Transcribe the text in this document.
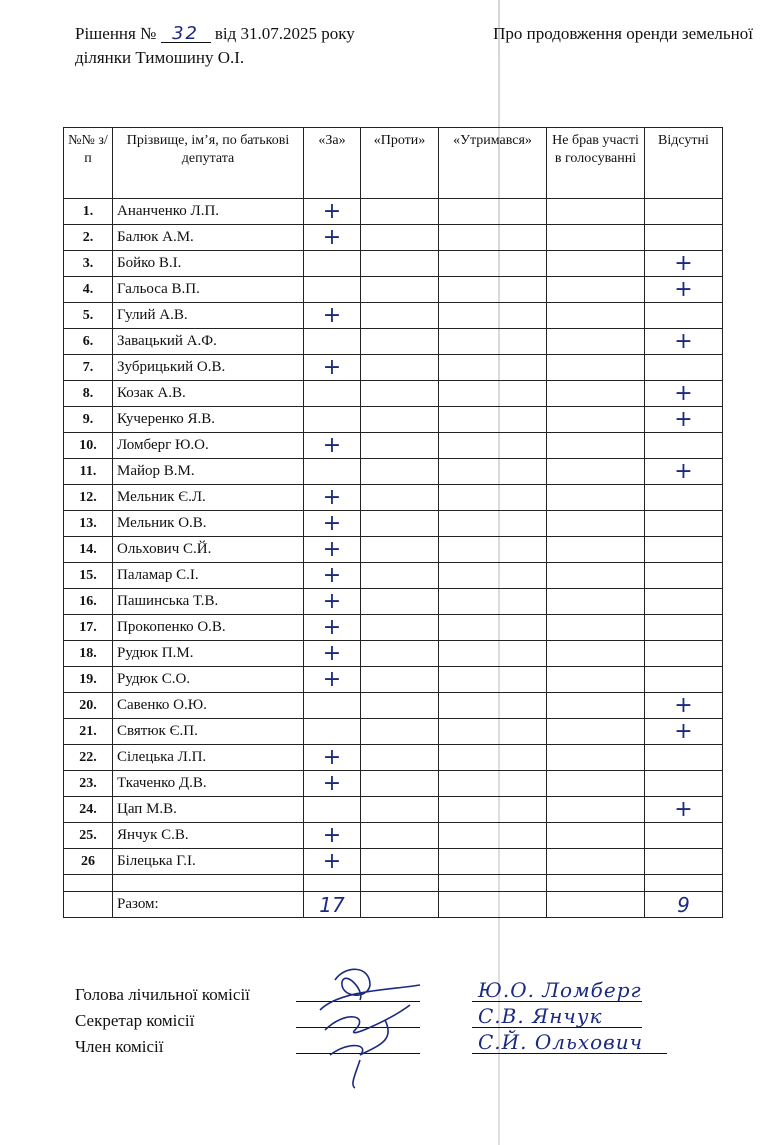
Рішення № 32 від 31.07.2025 року	Про продовження оренди земельної
ділянки Тимошину О.І.
№№ з/п	Прізвище, ім’я, по батькові депутата	«За»	«Проти»	«Утримався»	Не брав участі в голосуванні	Відсутні
1.	Ананченко Л.П.	+				
2.	Балюк А.М.	+				
3.	Бойко В.І.					+
4.	Гальоса В.П.					+
5.	Гулий А.В.	+				
6.	Завацький А.Ф.					+
7.	Зубрицький О.В.	+				
8.	Козак А.В.					+
9.	Кучеренко Я.В.					+
10.	Ломберг Ю.О.	+				
11.	Майор В.М.					+
12.	Мельник Є.Л.	+				
13.	Мельник О.В.	+				
14.	Ольхович С.Й.	+				
15.	Паламар С.І.	+				
16.	Пашинська Т.В.	+				
17.	Прокопенко О.В.	+				
18.	Рудюк П.М.	+				
19.	Рудюк С.О.	+				
20.	Савенко О.Ю.					+
21.	Святюк Є.П.					+
22.	Сілецька Л.П.	+				
23.	Ткаченко Д.В.	+				
24.	Цап М.В.					+
25.	Янчук С.В.	+				
26	Білецька Г.І.	+				

	Разом:	17				9
Голова лічильної комісії
Секретар комісії
Член комісії
Ю.О. Ломберг
С.В. Янчук
С.Й. Ольхович
